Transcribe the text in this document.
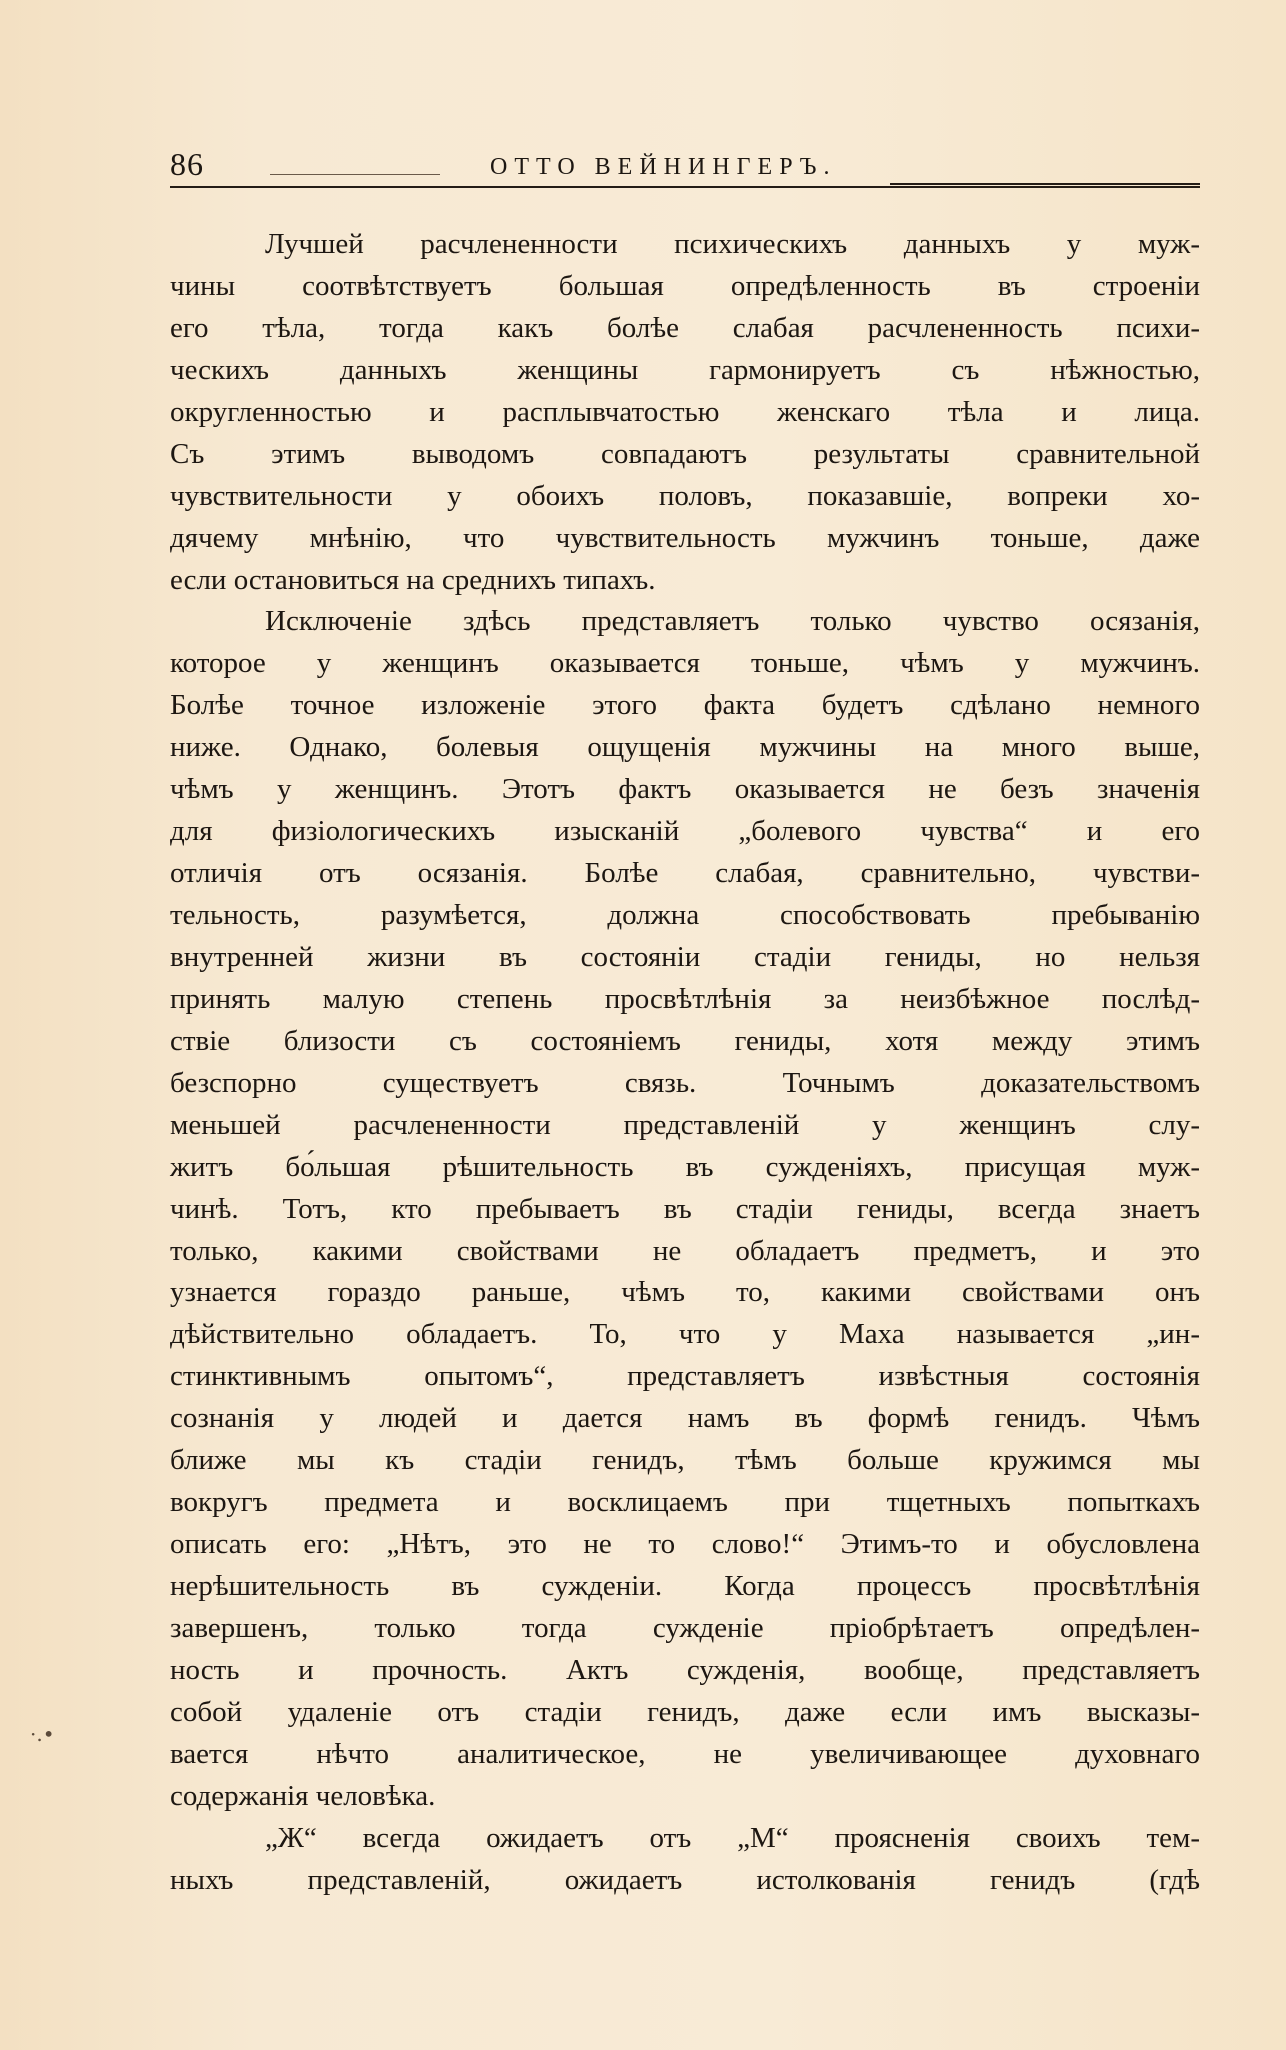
86	ОТТО ВЕЙНИНГЕРЪ.
Лучшей расчлененности психическихъ данныхъ у муж-
чины соотвѣтствуетъ большая опредѣленность въ строеніи
его тѣла, тогда какъ болѣе слабая расчлененность психи-
ческихъ данныхъ женщины гармонируетъ съ нѣжностью,
округленностью и расплывчатостью женскаго тѣла и лица.
Съ этимъ выводомъ совпадаютъ результаты сравнительной
чувствительности у обоихъ половъ, показавшіе, вопреки хо-
дячему мнѣнію, что чувствительность мужчинъ тоньше, даже
если остановиться на среднихъ типахъ.
Исключеніе здѣсь представляетъ только чувство осязанія,
которое у женщинъ оказывается тоньше, чѣмъ у мужчинъ.
Болѣе точное изложеніе этого факта будетъ сдѣлано немного
ниже. Однако, болевыя ощущенія мужчины на много выше,
чѣмъ у женщинъ. Этотъ фактъ оказывается не безъ значенія
для физіологическихъ изысканій „болевого чувства“ и его
отличія отъ осязанія. Болѣе слабая, сравнительно, чувстви-
тельность, разумѣется, должна способствовать пребыванію
внутренней жизни въ состояніи стадіи гениды, но нельзя
принять малую степень просвѣтлѣнія за неизбѣжное послѣд-
ствіе близости съ состояніемъ гениды, хотя между этимъ
безспорно существуетъ связь. Точнымъ доказательствомъ
меньшей расчлененности представленій у женщинъ слу-
житъ бо́льшая рѣшительность въ сужденіяхъ, присущая муж-
чинѣ. Тотъ, кто пребываетъ въ стадіи гениды, всегда знаетъ
только, какими свойствами не обладаетъ предметъ, и это
узнается гораздо раньше, чѣмъ то, какими свойствами онъ
дѣйствительно обладаетъ. То, что у Маха называется „ин-
стинктивнымъ опытомъ“, представляетъ извѣстныя состоянія
сознанія у людей и дается намъ въ формѣ генидъ. Чѣмъ
ближе мы къ стадіи генидъ, тѣмъ больше кружимся мы
вокругъ предмета и восклицаемъ при тщетныхъ попыткахъ
описать его: „Нѣтъ, это не то слово!“ Этимъ-то и обусловлена
нерѣшительность въ сужденіи. Когда процессъ просвѣтлѣнія
завершенъ, только тогда сужденіе пріобрѣтаетъ опредѣлен-
ность и прочность. Актъ сужденія, вообще, представляетъ
собой удаленіе отъ стадіи генидъ, даже если имъ высказы-
вается нѣчто аналитическое, не увеличивающее духовнаго
содержанія человѣка.
„Ж“ всегда ожидаетъ отъ „М“ проясненія своихъ тем-
ныхъ представленій, ожидаетъ истолкованія генидъ (гдѣ
·.•
